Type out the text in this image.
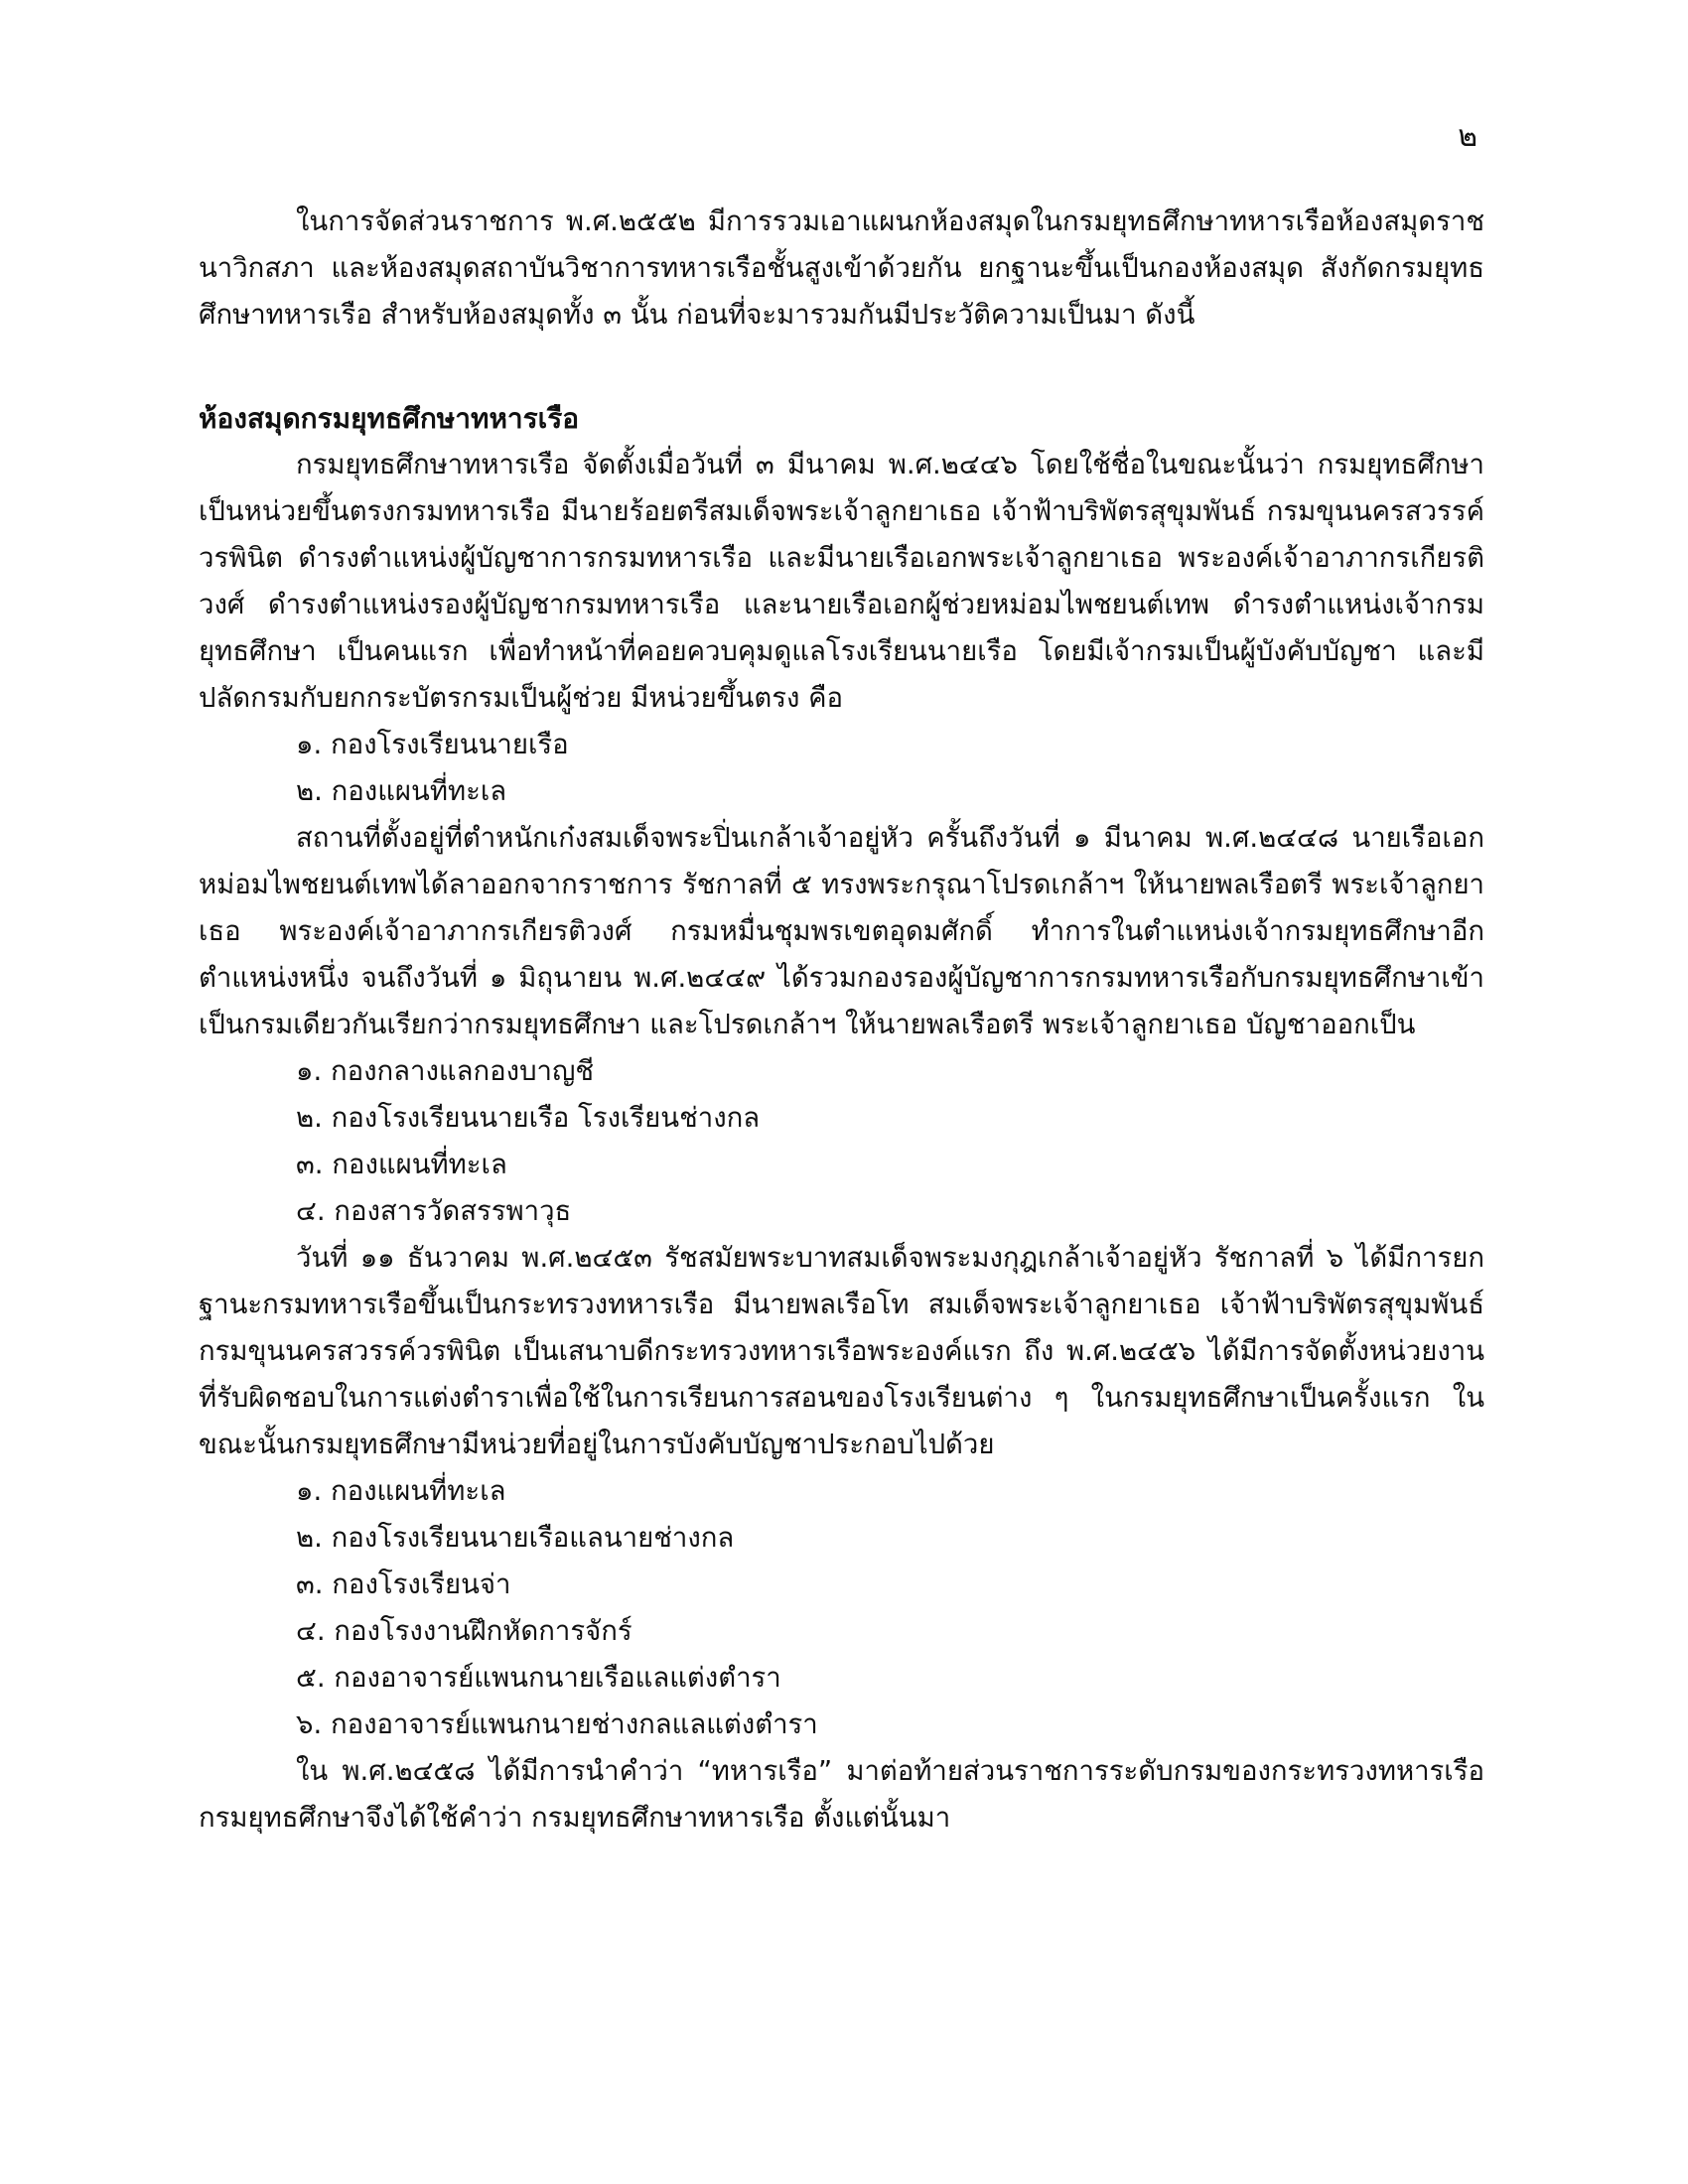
๒

ในการจัดส่วนราชการ พ.ศ.๒๕๕๒ มีการรวมเอาแผนกห้องสมุดในกรมยุทธศึกษาทหารเรือห้องสมุดราชนาวิกสภา และห้องสมุดสถาบันวิชาการทหารเรือชั้นสูงเข้าด้วยกัน ยกฐานะขึ้นเป็นกองห้องสมุด สังกัดกรมยุทธศึกษาทหารเรือ สำหรับห้องสมุดทั้ง ๓ นั้น ก่อนที่จะมารวมกันมีประวัติความเป็นมา ดังนี้

ห้องสมุดกรมยุทธศึกษาทหารเรือ

กรมยุทธศึกษาทหารเรือ จัดตั้งเมื่อวันที่ ๓ มีนาคม พ.ศ.๒๔๔๖ โดยใช้ชื่อในขณะนั้นว่า กรมยุทธศึกษา เป็นหน่วยขึ้นตรงกรมทหารเรือ มีนายร้อยตรีสมเด็จพระเจ้าลูกยาเธอ เจ้าฟ้าบริพัตรสุขุมพันธ์ กรมขุนนครสวรรค์วรพินิต ดำรงตำแหน่งผู้บัญชาการกรมทหารเรือ และมีนายเรือเอกพระเจ้าลูกยาเธอ พระองค์เจ้าอาภากรเกียรติวงศ์ ดำรงตำแหน่งรองผู้บัญชากรมทหารเรือ และนายเรือเอกผู้ช่วยหม่อมไพชยนต์เทพ ดำรงตำแหน่งเจ้ากรมยุทธศึกษา เป็นคนแรก เพื่อทำหน้าที่คอยควบคุมดูแลโรงเรียนนายเรือ โดยมีเจ้ากรมเป็นผู้บังคับบัญชา และมีปลัดกรมกับยกกระบัตรกรมเป็นผู้ช่วย มีหน่วยขึ้นตรง คือ

๑. กองโรงเรียนนายเรือ
๒. กองแผนที่ทะเล

สถานที่ตั้งอยู่ที่ตำหนักเก๋งสมเด็จพระปิ่นเกล้าเจ้าอยู่หัว ครั้นถึงวันที่ ๑ มีนาคม พ.ศ.๒๔๔๘ นายเรือเอกหม่อมไพชยนต์เทพได้ลาออกจากราชการ รัชกาลที่ ๕ ทรงพระกรุณาโปรดเกล้าฯ ให้นายพลเรือตรี พระเจ้าลูกยาเธอ พระองค์เจ้าอาภากรเกียรติวงศ์ กรมหมื่นชุมพรเขตอุดมศักดิ์ ทำการในตำแหน่งเจ้ากรมยุทธศึกษาอีกตำแหน่งหนึ่ง จนถึงวันที่ ๑ มิถุนายน พ.ศ.๒๔๔๙ ได้รวมกองรองผู้บัญชาการกรมทหารเรือกับกรมยุทธศึกษาเข้าเป็นกรมเดียวกันเรียกว่ากรมยุทธศึกษา และโปรดเกล้าฯ ให้นายพลเรือตรี พระเจ้าลูกยาเธอ บัญชาออกเป็น

๑. กองกลางแลกองบาญชี
๒. กองโรงเรียนนายเรือ โรงเรียนช่างกล
๓. กองแผนที่ทะเล
๔. กองสารวัดสรรพาวุธ

วันที่ ๑๑ ธันวาคม พ.ศ.๒๔๕๓ รัชสมัยพระบาทสมเด็จพระมงกุฎเกล้าเจ้าอยู่หัว รัชกาลที่ ๖ ได้มีการยกฐานะกรมทหารเรือขึ้นเป็นกระทรวงทหารเรือ มีนายพลเรือโท สมเด็จพระเจ้าลูกยาเธอ เจ้าฟ้าบริพัตรสุขุมพันธ์ กรมขุนนครสวรรค์วรพินิต เป็นเสนาบดีกระทรวงทหารเรือพระองค์แรก ถึง พ.ศ.๒๔๕๖ ได้มีการจัดตั้งหน่วยงานที่รับผิดชอบในการแต่งตำราเพื่อใช้ในการเรียนการสอนของโรงเรียนต่าง ๆ ในกรมยุทธศึกษาเป็นครั้งแรก ในขณะนั้นกรมยุทธศึกษามีหน่วยที่อยู่ในการบังคับบัญชาประกอบไปด้วย

๑. กองแผนที่ทะเล
๒. กองโรงเรียนนายเรือแลนายช่างกล
๓. กองโรงเรียนจ่า
๔. กองโรงงานฝึกหัดการจักร์
๕. กองอาจารย์แพนกนายเรือแลแต่งตำรา
๖. กองอาจารย์แพนกนายช่างกลแลแต่งตำรา

ใน พ.ศ.๒๔๕๘ ได้มีการนำคำว่า “ทหารเรือ” มาต่อท้ายส่วนราชการระดับกรมของกระทรวงทหารเรือ กรมยุทธศึกษาจึงได้ใช้คำว่า กรมยุทธศึกษาทหารเรือ ตั้งแต่นั้นมา
